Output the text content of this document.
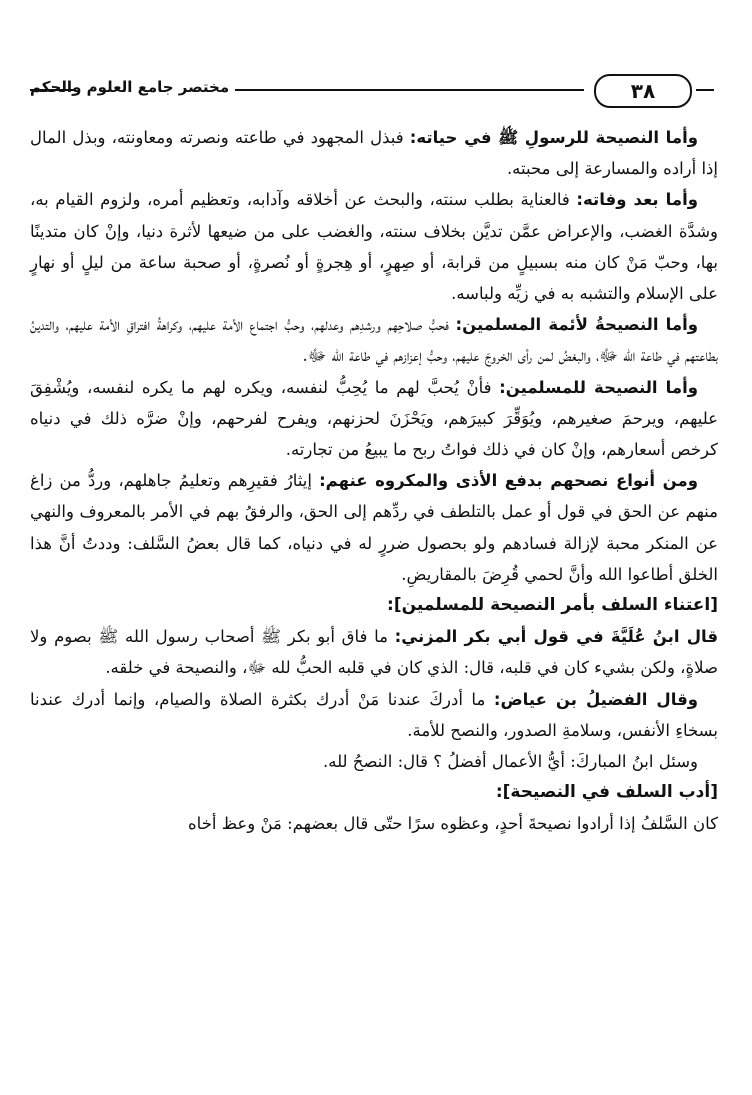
مختصر جامع العلوم والحكم	٣٨

وأما النصيحة للرسولِ ﷺ في حياته: فبذل المجهود في طاعته ونصرته ومعاونته، وبذل المال إذا أراده والمسارعة إلى محبته.

وأما بعد وفاته: فالعناية بطلب سنته، والبحث عن أخلاقه وآدابه، وتعظيم أمره، ولزوم القيام به، وشدَّة الغضب، والإعراض عمَّن تديَّن بخلاف سنته، والغضب على من ضيعها لأثرة دنيا، وإنْ كان متدينًا بها، وحبّ مَنْ كان منه بسبيلٍ من قرابة، أو صِهرٍ، أو هِجرةٍ أو نُصرةٍ، أو صحبة ساعة من ليلٍ أو نهارٍ على الإسلام والتشبه به في زيِّه ولباسه.

وأما النصيحةُ لأئمة المسلمين: فحبُّ صلاحِهم ورشدِهم وعدلهم، وحبُّ اجتماع الأمة عليهم، وكراهةُ افتراقِ الأمة عليهم، والتدينُ بطاعتهم في طاعة الله ﷻ، والبغضُ لمن رأى الخروجَ عليهم، وحبُّ إعزازهم في طاعة الله ﷻ.

وأما النصيحة للمسلمين: فأنْ يُحبَّ لهم ما يُحِبُّ لنفسه، ويكره لهم ما يكره لنفسه، ويُشْفِقَ عليهم، ويرحمَ صغيرهم، ويُوَقِّرَ كبيرَهم، ويَحْزَنَ لحزنهم، ويفرح لفرحهم، وإنْ ضرَّه ذلك في دنياه كرخص أسعارهم، وإنْ كان في ذلك فواتُ ربح ما يبيعُ من تجارته.

ومن أنواع نصحهم بدفع الأذى والمكروه عنهم: إيثارُ فقيرِهم وتعليمُ جاهلهم، وردُّ من زاغ منهم عن الحق في قول أو عمل بالتلطف في ردِّهم إلى الحق، والرفقُ بهم في الأمر بالمعروف والنهي عن المنكر محبة لإزالة فسادهم ولو بحصول ضررٍ له في دنياه، كما قال بعضُ السَّلف: وددتُ أنَّ هذا الخلق أطاعوا الله وأنَّ لحمي قُرِضَ بالمقاريضِ.

[اعتناء السلف بأمر النصيحة للمسلمين]:

قال ابنُ عُلَيَّةَ في قول أبي بكر المزني: ما فاق أبو بكر ﷺ أصحاب رسول الله ﷺ بصوم ولا صلاةٍ، ولكن بشيء كان في قلبه، قال: الذي كان في قلبه الحبُّ لله ﷻ، والنصيحة في خلقه.

وقال الفضيلُ بن عياض: ما أدركَ عندنا مَنْ أدرك بكثرة الصلاة والصيام، وإنما أدرك عندنا بسخاءِ الأنفس، وسلامةِ الصدور، والنصح للأمة.

وسئل ابنُ المباركَ: أيُّ الأعمال أفضلُ ؟ قال: النصحُ لله.

[أدب السلف في النصيحة]:

كان السَّلفُ إذا أرادوا نصيحةَ أحدٍ، وعظوه سرًا حتّى قال بعضهم: مَنْ وعظ أخاه
